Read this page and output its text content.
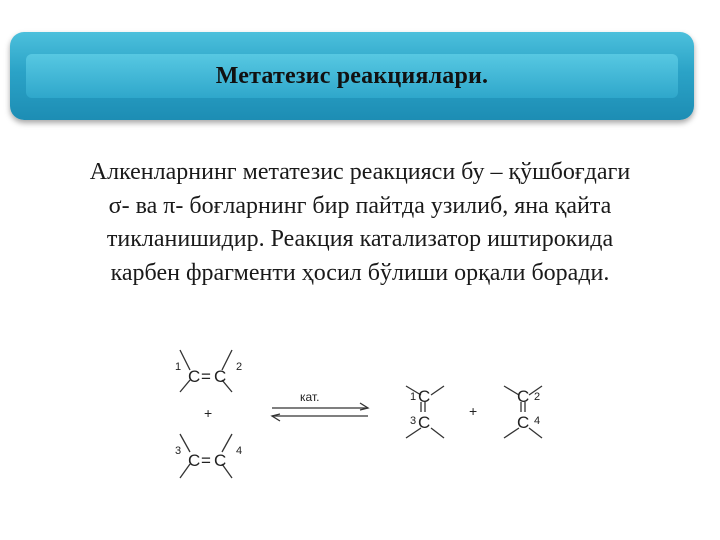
Метатезис реакциялари.
Алкенларнинг метатезис реакцияси бу – қўшбоғдаги
σ- ва π- боғларнинг бир пайтда узилиб, яна қайта
тикланишидир. Реакция катализатор иштирокида
карбен фрагменти ҳосил бўлиши орқали боради.
1 C = C 2
+
3 C = C 4
кат.	1 C
3 C
+
C 2
C 4
